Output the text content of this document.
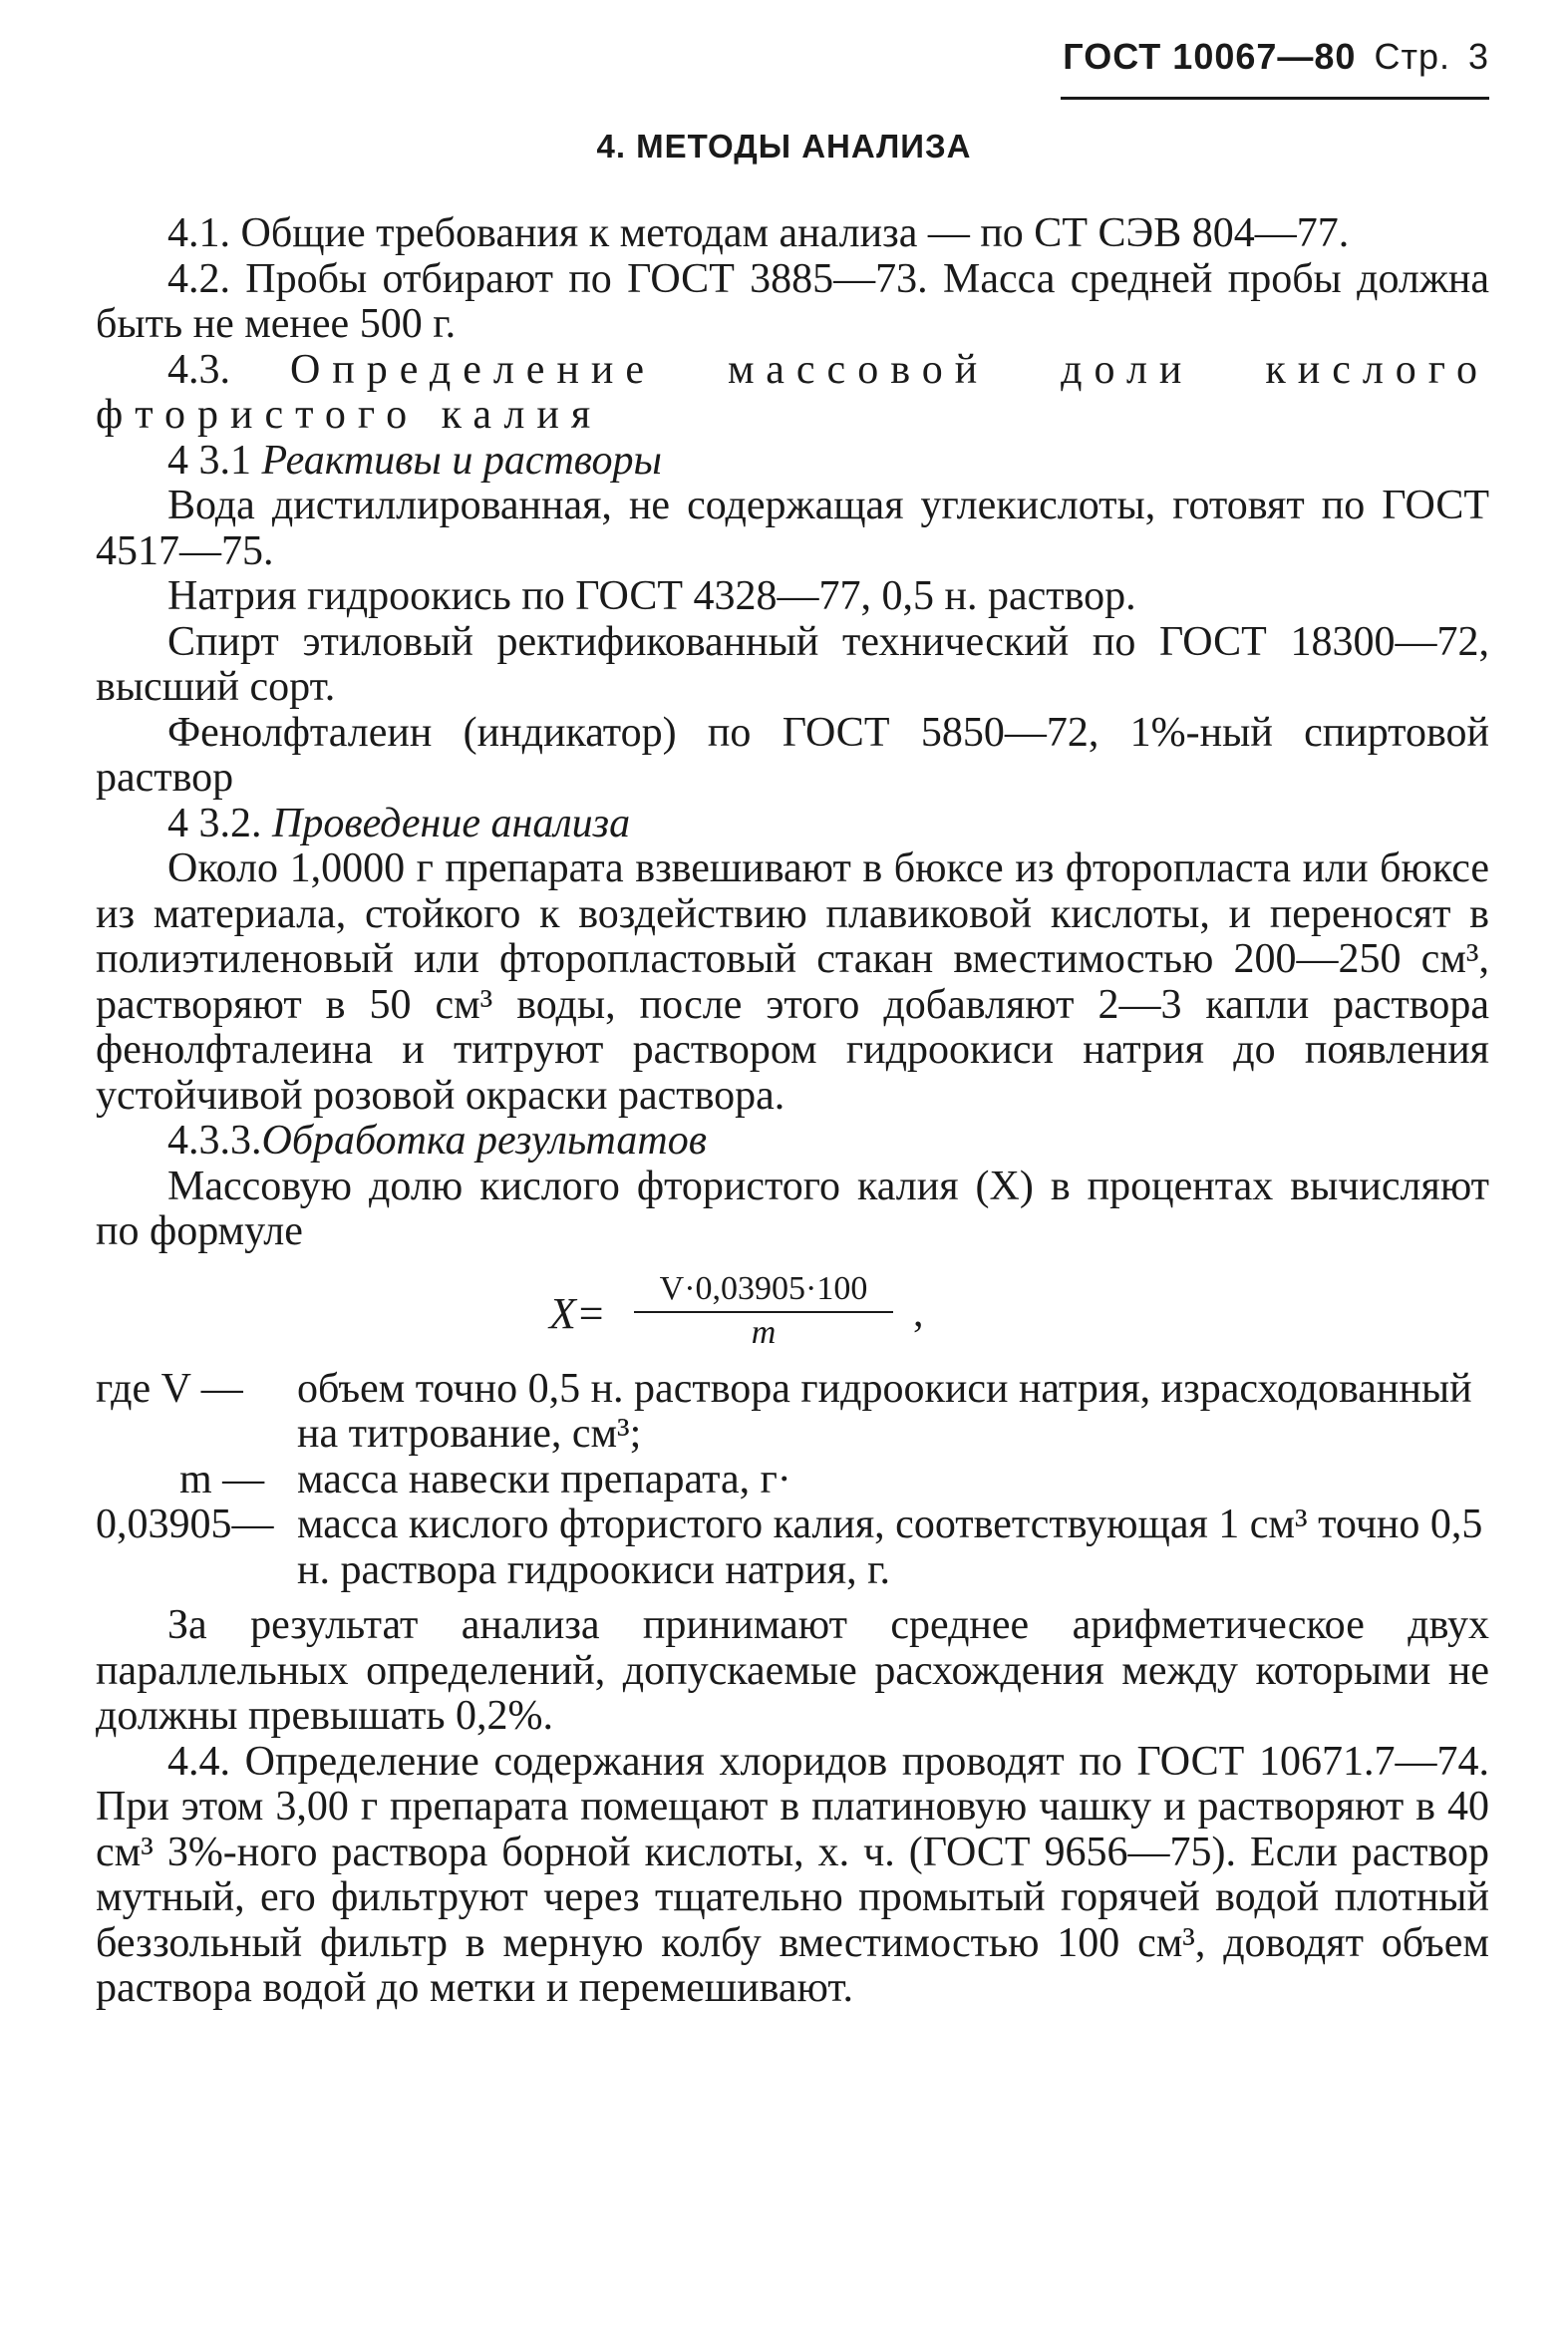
ГОСТ 10067—80 Стр. 3
4. МЕТОДЫ АНАЛИЗА

4.1. Общие требования к методам анализа — по СТ СЭВ 804—77.

4.2. Пробы отбирают по ГОСТ 3885—73. Масса средней пробы должна быть не менее 500 г.

4.3. Определение массовой доли кислого фтористого калия

4 3.1 Реактивы и растворы

Вода дистиллированная, не содержащая углекислоты, готовят по ГОСТ 4517—75.

Натрия гидроокись по ГОСТ 4328—77, 0,5 н. раствор.

Спирт этиловый ректификованный технический по ГОСТ 18300—72, высший сорт.

Фенолфталеин (индикатор) по ГОСТ 5850—72, 1%-ный спиртовой раствор

4 3.2. Проведение анализа

Около 1,0000 г препарата взвешивают в бюксе из фторопласта или бюксе из материала, стойкого к воздействию плавиковой кислоты, и переносят в полиэтиленовый или фторопластовый стакан вместимостью 200—250 см³, растворяют в 50 см³ воды, после этого добавляют 2—3 капли раствора фенолфталеина и титруют раствором гидроокиси натрия до появления устойчивой розовой окраски раствора.

4.3.3.Обработка результатов

Массовую долю кислого фтористого калия (X) в процентах вычисляют по формуле

$X= \frac{V\cdot 0,03905\cdot 100}{m}$ ,
где V —	объем точно 0,5 н. раствора гидроокиси натрия, израсходованный на титрование, см³;
m — масса навески препарата, г·
0,03905— масса кислого фтористого калия, соответствующая 1 см³ точно 0,5 н. раствора гидроокиси натрия, г.

За результат анализа принимают среднее арифметическое двух параллельных определений, допускаемые расхождения между которыми не должны превышать 0,2%.

4.4. Определение содержания хлоридов проводят по ГОСТ 10671.7—74. При этом 3,00 г препарата помещают в платиновую чашку и растворяют в 40 см³ 3%-ного раствора борной кислоты, х. ч. (ГОСТ 9656—75). Если раствор мутный, его фильтруют через тщательно промытый горячей водой плотный беззольный фильтр в мерную колбу вместимостью 100 см³, доводят объем раствора водой до метки и перемешивают.
